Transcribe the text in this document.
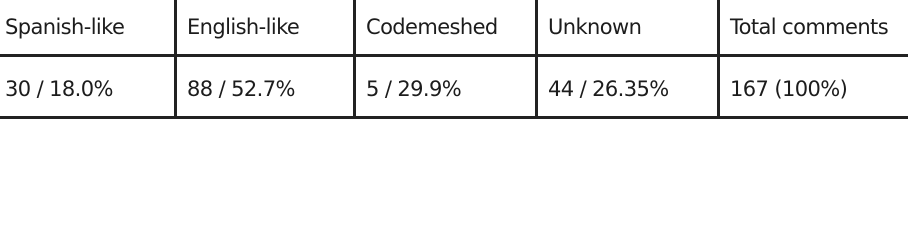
Spanish-like	English-like	Codemeshed	Unknown	Total comments
30 / 18.0%	88 / 52.7%	5 / 29.9%	44 / 26.35%	167 (100%)
